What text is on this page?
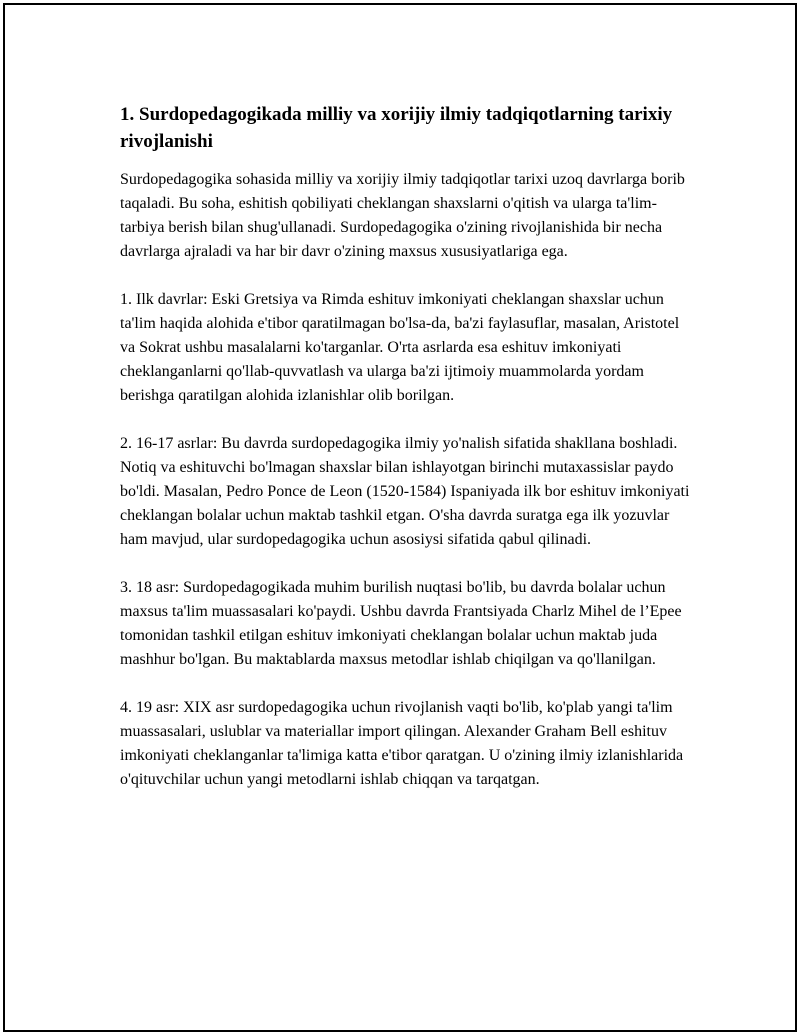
1. Surdopedagogikada milliy va xorijiy ilmiy tadqiqotlarning tarixiy rivojlanishi

Surdopedagogika sohasida milliy va xorijiy ilmiy tadqiqotlar tarixi uzoq davrlarga borib taqaladi. Bu soha, eshitish qobiliyati cheklangan shaxslarni o'qitish va ularga ta'lim-tarbiya berish bilan shug'ullanadi. Surdopedagogika o'zining rivojlanishida bir necha davrlarga ajraladi va har bir davr o'zining maxsus xususiyatlariga ega.

1. Ilk davrlar: Eski Gretsiya va Rimda eshituv imkoniyati cheklangan shaxslar uchun ta'lim haqida alohida e'tibor qaratilmagan bo'lsa-da, ba'zi faylasuflar, masalan, Aristotel va Sokrat ushbu masalalarni ko'targanlar. O'rta asrlarda esa eshituv imkoniyati cheklanganlarni qo'llab-quvvatlash va ularga ba'zi ijtimoiy muammolarda yordam berishga qaratilgan alohida izlanishlar olib borilgan.

2. 16-17 asrlar: Bu davrda surdopedagogika ilmiy yo'nalish sifatida shakllana boshladi. Notiq va eshituvchi bo'lmagan shaxslar bilan ishlayotgan birinchi mutaxassislar paydo bo'ldi. Masalan, Pedro Ponce de Leon (1520-1584) Ispaniyada ilk bor eshituv imkoniyati cheklangan bolalar uchun maktab tashkil etgan. O'sha davrda suratga ega ilk yozuvlar ham mavjud, ular surdopedagogika uchun asosiysi sifatida qabul qilinadi.

3. 18 asr: Surdopedagogikada muhim burilish nuqtasi bo'lib, bu davrda bolalar uchun maxsus ta'lim muassasalari ko'paydi. Ushbu davrda Frantsiyada Charlz Mihel de l’Epee tomonidan tashkil etilgan eshituv imkoniyati cheklangan bolalar uchun maktab juda mashhur bo'lgan. Bu maktablarda maxsus metodlar ishlab chiqilgan va qo'llanilgan.

4. 19 asr: XIX asr surdopedagogika uchun rivojlanish vaqti bo'lib, ko'plab yangi ta'lim muassasalari, uslublar va materiallar import qilingan. Alexander Graham Bell eshituv imkoniyati cheklanganlar ta'limiga katta e'tibor qaratgan. U o'zining ilmiy izlanishlarida o'qituvchilar uchun yangi metodlarni ishlab chiqqan va tarqatgan.
